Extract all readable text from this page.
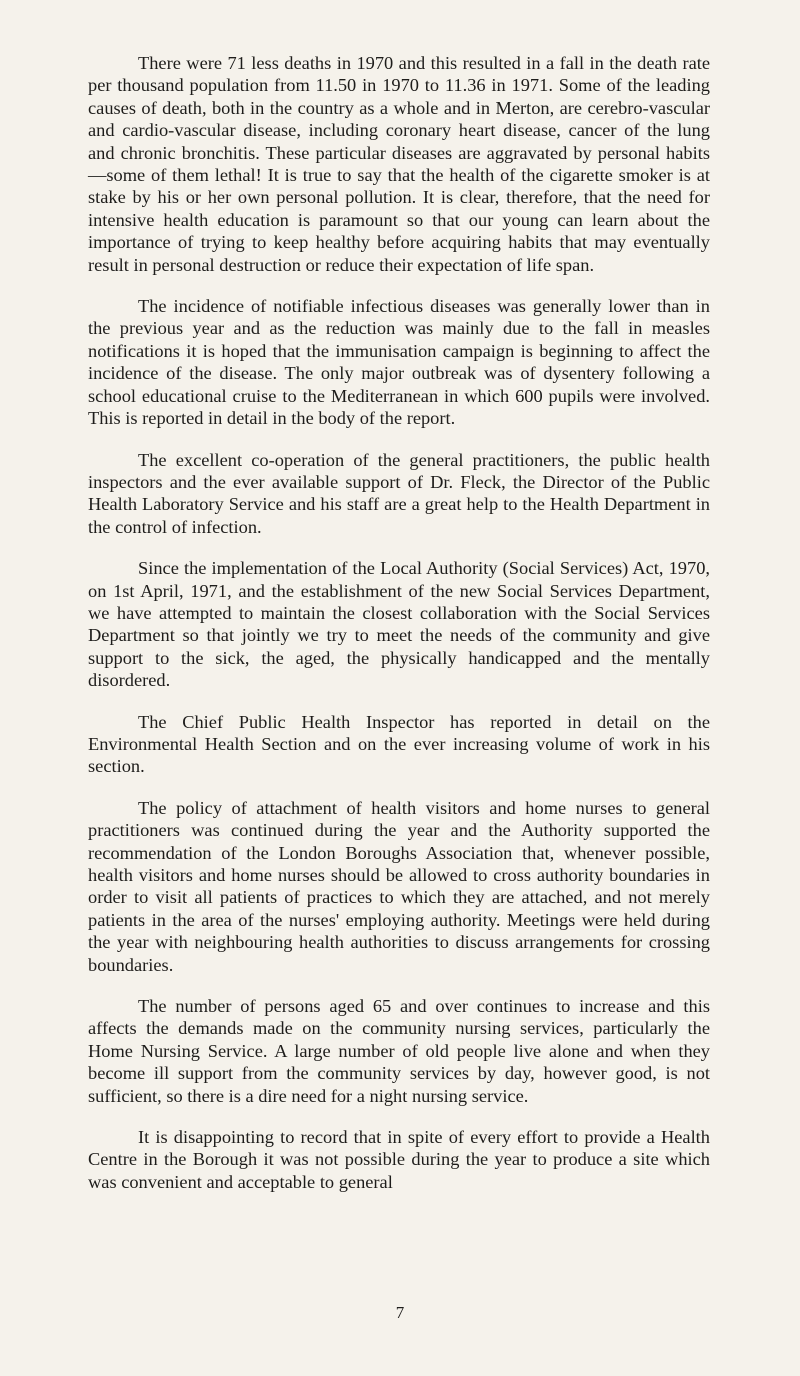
There were 71 less deaths in 1970 and this resulted in a fall in the death rate per thousand population from 11.50 in 1970 to 11.36 in 1971. Some of the leading causes of death, both in the country as a whole and in Merton, are cerebro-vascular and cardio-vascular disease, including coronary heart disease, cancer of the lung and chronic bronchitis. These particular diseases are aggravated by personal habits—some of them lethal! It is true to say that the health of the cigarette smoker is at stake by his or her own personal pollution. It is clear, therefore, that the need for intensive health education is paramount so that our young can learn about the importance of trying to keep healthy before acquiring habits that may eventually result in personal destruction or reduce their expectation of life span.

The incidence of notifiable infectious diseases was generally lower than in the previous year and as the reduction was mainly due to the fall in measles notifications it is hoped that the immunisation campaign is beginning to affect the incidence of the disease. The only major outbreak was of dysentery following a school educational cruise to the Mediterranean in which 600 pupils were involved. This is reported in detail in the body of the report.

The excellent co-operation of the general practitioners, the public health inspectors and the ever available support of Dr. Fleck, the Director of the Public Health Laboratory Service and his staff are a great help to the Health Department in the control of infection.

Since the implementation of the Local Authority (Social Services) Act, 1970, on 1st April, 1971, and the establishment of the new Social Services Department, we have attempted to maintain the closest collaboration with the Social Services Department so that jointly we try to meet the needs of the community and give support to the sick, the aged, the physically handicapped and the mentally disordered.

The Chief Public Health Inspector has reported in detail on the Environmental Health Section and on the ever increasing volume of work in his section.

The policy of attachment of health visitors and home nurses to general practitioners was continued during the year and the Authority supported the recommendation of the London Boroughs Association that, whenever possible, health visitors and home nurses should be allowed to cross authority boundaries in order to visit all patients of practices to which they are attached, and not merely patients in the area of the nurses' employing authority. Meetings were held during the year with neighbouring health authorities to discuss arrangements for crossing boundaries.

The number of persons aged 65 and over continues to increase and this affects the demands made on the community nursing services, particularly the Home Nursing Service. A large number of old people live alone and when they become ill support from the community services by day, however good, is not sufficient, so there is a dire need for a night nursing service.

It is disappointing to record that in spite of every effort to provide a Health Centre in the Borough it was not possible during the year to produce a site which was convenient and acceptable to general

7
